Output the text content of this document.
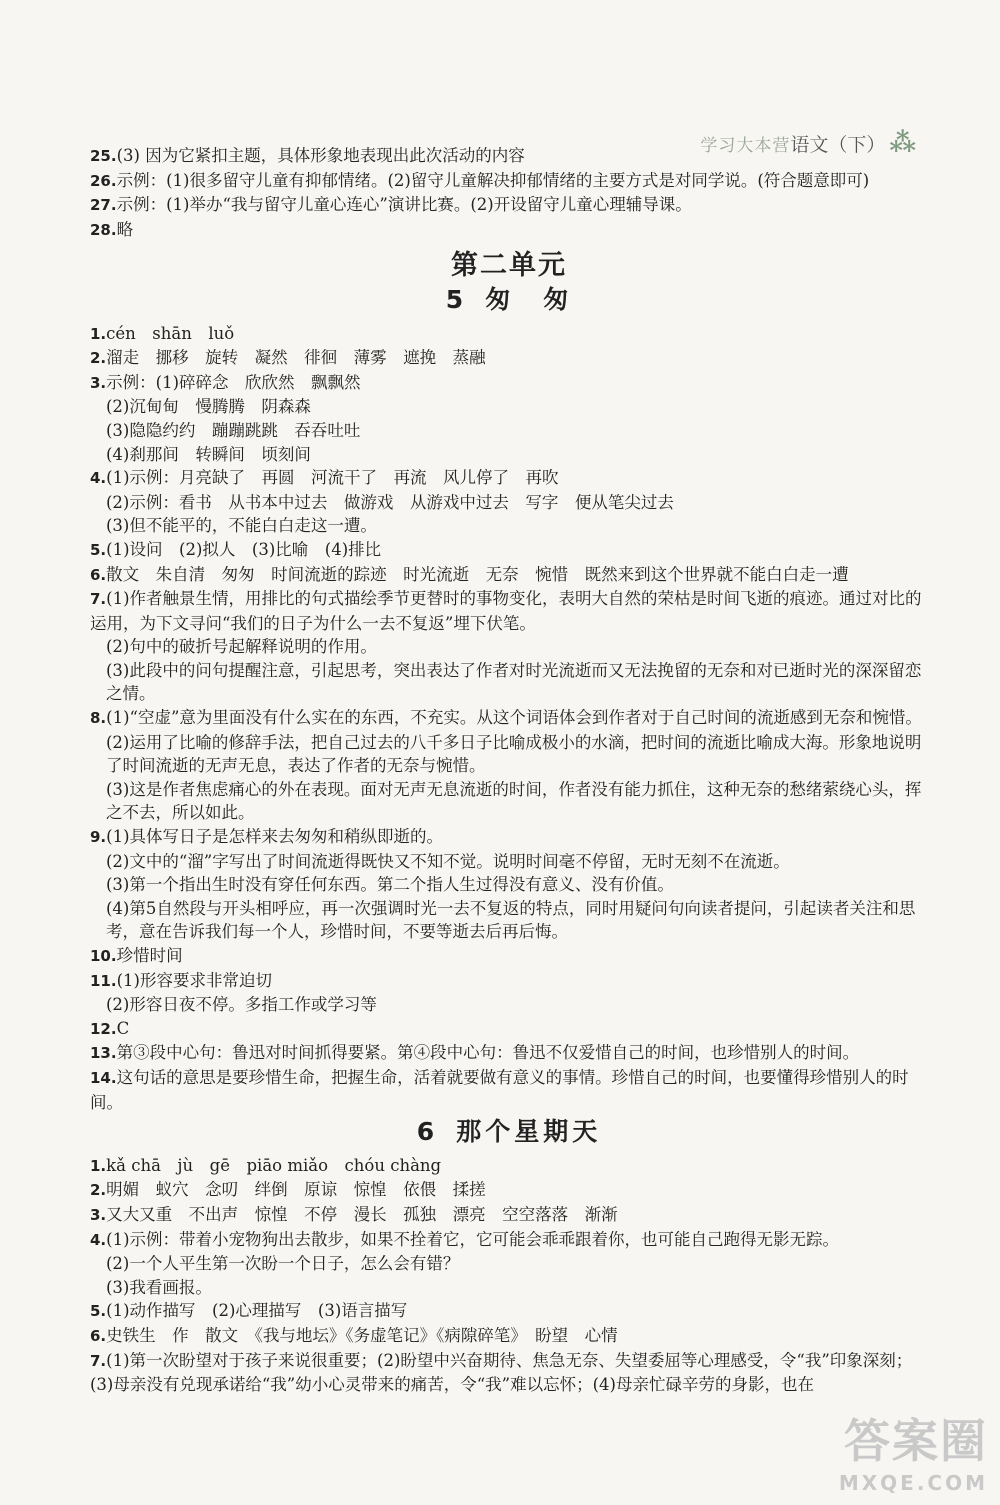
学习大本营语文（下） ⁂
25.(3) 因为它紧扣主题，具体形象地表现出此次活动的内容
26.示例：(1)很多留守儿童有抑郁情绪。(2)留守儿童解决抑郁情绪的主要方式是对同学说。(符合题意即可)
27.示例：(1)举办“我与留守儿童心连心”演讲比赛。(2)开设留守儿童心理辅导课。
28.略
第二单元
5 匆　匆
1.cén　shān　luǒ
2.溜走　挪移　旋转　凝然　徘徊　薄雾　遮挽　蒸融
3.示例：(1)碎碎念　欣欣然　飘飘然
(2)沉甸甸　慢腾腾　阴森森
(3)隐隐约约　蹦蹦跳跳　吞吞吐吐
(4)刹那间　转瞬间　顷刻间
4.(1)示例：月亮缺了　再圆　河流干了　再流　风儿停了　再吹
(2)示例：看书　从书本中过去　做游戏　从游戏中过去　写字　便从笔尖过去
(3)但不能平的，不能白白走这一遭。
5.(1)设问　(2)拟人　(3)比喻　(4)排比
6.散文　朱自清　匆匆　时间流逝的踪迹　时光流逝　无奈　惋惜　既然来到这个世界就不能白白走一遭
7.(1)作者触景生情，用排比的句式描绘季节更替时的事物变化，表明大自然的荣枯是时间飞逝的痕迹。通过对比的运用，为下文寻问“我们的日子为什么一去不复返”埋下伏笔。
(2)句中的破折号起解释说明的作用。
(3)此段中的问句提醒注意，引起思考，突出表达了作者对时光流逝而又无法挽留的无奈和对已逝时光的深深留恋之情。
8.(1)“空虚”意为里面没有什么实在的东西，不充实。从这个词语体会到作者对于自己时间的流逝感到无奈和惋惜。
(2)运用了比喻的修辞手法，把自己过去的八千多日子比喻成极小的水滴，把时间的流逝比喻成大海。形象地说明了时间流逝的无声无息，表达了作者的无奈与惋惜。
(3)这是作者焦虑痛心的外在表现。面对无声无息流逝的时间，作者没有能力抓住，这种无奈的愁绪萦绕心头，挥之不去，所以如此。
9.(1)具体写日子是怎样来去匆匆和稍纵即逝的。
(2)文中的“溜”字写出了时间流逝得既快又不知不觉。说明时间毫不停留，无时无刻不在流逝。
(3)第一个指出生时没有穿任何东西。第二个指人生过得没有意义、没有价值。
(4)第5自然段与开头相呼应，再一次强调时光一去不复返的特点，同时用疑问句向读者提问，引起读者关注和思考，意在告诉我们每一个人，珍惜时间，不要等逝去后再后悔。
10.珍惜时间
11.(1)形容要求非常迫切
(2)形容日夜不停。多指工作或学习等
12.C
13.第③段中心句：鲁迅对时间抓得要紧。第④段中心句：鲁迅不仅爱惜自己的时间，也珍惜别人的时间。
14.这句话的意思是要珍惜生命，把握生命，活着就要做有意义的事情。珍惜自己的时间，也要懂得珍惜别人的时间。
6 那个星期天
1.kǎ chā　jù　gē　piāo miǎo　chóu chàng
2.明媚　蚁穴　念叨　绊倒　原谅　惊惶　依偎　揉搓
3.又大又重　不出声　惊惶　不停　漫长　孤独　漂亮　空空落落　渐渐
4.(1)示例：带着小宠物狗出去散步，如果不拴着它，它可能会乖乖跟着你，也可能自己跑得无影无踪。
(2)一个人平生第一次盼一个日子，怎么会有错？
(3)我看画报。
5.(1)动作描写　(2)心理描写　(3)语言描写
6.史铁生　作　散文　《我与地坛》《务虚笔记》《病隙碎笔》　盼望　心情
7.(1)第一次盼望对于孩子来说很重要；(2)盼望中兴奋期待、焦急无奈、失望委屈等心理感受，令“我”印象深刻；(3)母亲没有兑现承诺给“我”幼小心灵带来的痛苦，令“我”难以忘怀；(4)母亲忙碌辛劳的身影，也在
答案圈
MXQE.COM
